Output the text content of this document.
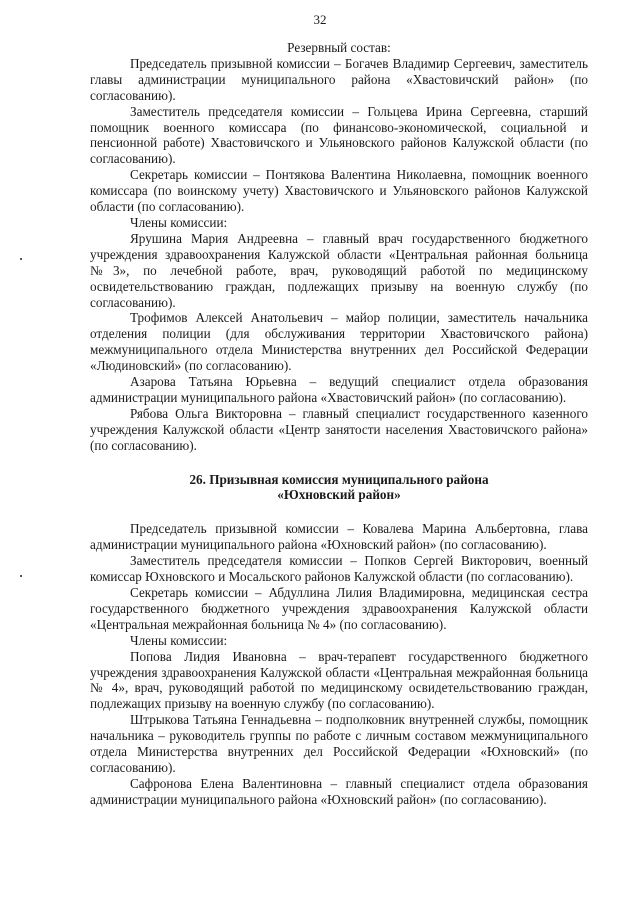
32

Резервный состав:

Председатель призывной комиссии – Богачев Владимир Сергеевич, заместитель главы администрации муниципального района «Хвастовичский район» (по согласованию).

Заместитель председателя комиссии – Гольцева Ирина Сергеевна, старший помощник военного комиссара (по финансово-экономической, социальной и пенсионной работе) Хвастовичского и Ульяновского районов Калужской области (по согласованию).

Секретарь комиссии – Понтякова Валентина Николаевна, помощник военного комиссара (по воинскому учету) Хвастовичского и Ульяновского районов Калужской области (по согласованию).

Члены комиссии:

Ярушина Мария Андреевна – главный врач государственного бюджетного учреждения здравоохранения Калужской области «Центральная районная больница №3», по лечебной работе, врач, руководящий работой по медицинскому освидетельствованию граждан, подлежащих призыву на военную службу (по согласованию).

Трофимов Алексей Анатольевич – майор полиции, заместитель начальника отделения полиции (для обслуживания территории Хвастовичского района) межмуниципального отдела Министерства внутренних дел Российской Федерации «Людиновский» (по согласованию).

Азарова Татьяна Юрьевна – ведущий специалист отдела образования администрации муниципального района «Хвастовичский район» (по согласованию).

Рябова Ольга Викторовна – главный специалист государственного казенного учреждения Калужской области «Центр занятости населения Хвастовичского района» (по согласованию).

26. Призывная комиссия муниципального района

«Юхновский район»

Председатель призывной комиссии – Ковалева Марина Альбертовна, глава администрации муниципального района «Юхновский район» (по согласованию).

Заместитель председателя комиссии – Попков Сергей Викторович, военный комиссар Юхновского и Мосальского районов Калужской области (по согласованию).

Секретарь комиссии – Абдуллина Лилия Владимировна, медицинская сестра государственного бюджетного учреждения здравоохранения Калужской области «Центральная межрайонная больница № 4» (по согласованию).

Члены комиссии:

Попова Лидия Ивановна – врач-терапевт государственного бюджетного учреждения здравоохранения Калужской области «Центральная межрайонная больница № 4», врач, руководящий работой по медицинскому освидетельствованию граждан, подлежащих призыву на военную службу (по согласованию).

Штрыкова Татьяна Геннадьевна – подполковник внутренней службы, помощник начальника – руководитель группы по работе с личным составом межмуниципального отдела Министерства внутренних дел Российской Федерации «Юхновский» (по согласованию).

Сафронова Елена Валентиновна – главный специалист отдела образования администрации муниципального района «Юхновский район» (по согласованию).
